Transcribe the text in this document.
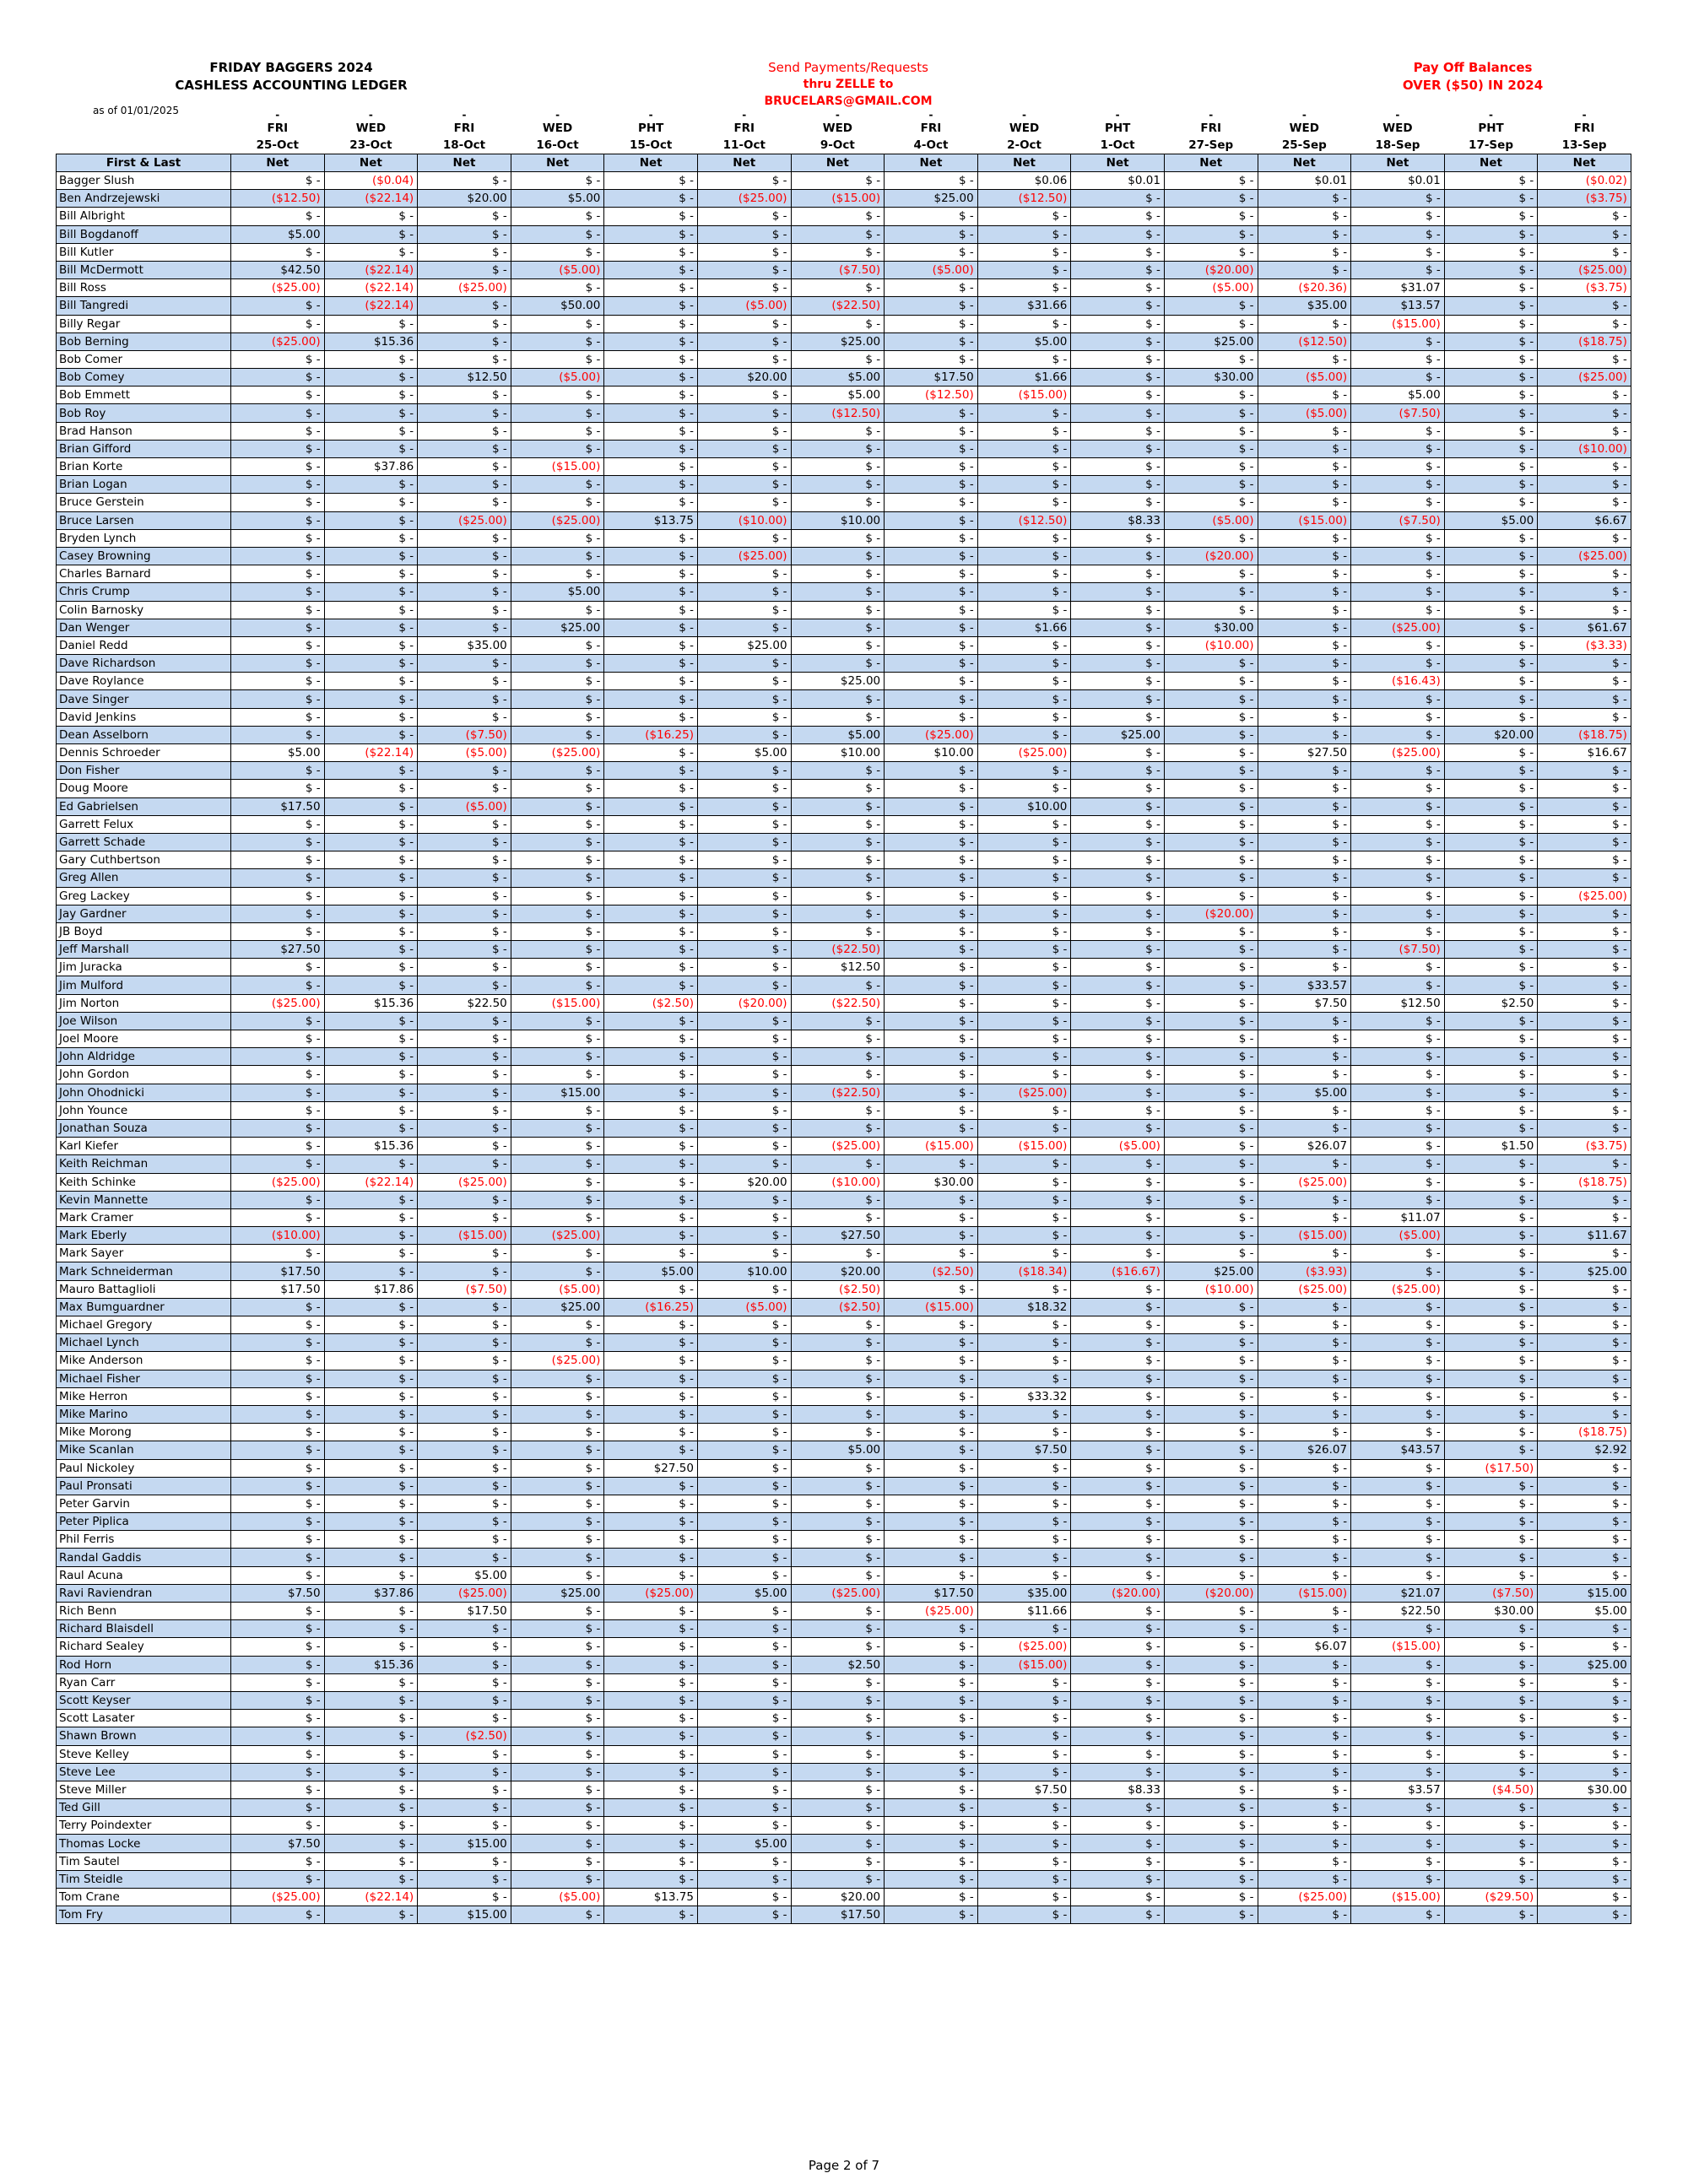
FRIDAY BAGGERS 2024
CASHLESS ACCOUNTING LEDGER
as of 01/01/2025
Send Payments/Requests
thru ZELLE to
BRUCELARS@GMAIL.COM
Pay Off Balances
OVER ($50) IN 2024
	-	-	-	-	-	-	-	-	-	-	-	-	-	-	-
	FRI	WED	FRI	WED	PHT	FRI	WED	FRI	WED	PHT	FRI	WED	WED	PHT	FRI
	25-Oct	23-Oct	18-Oct	16-Oct	15-Oct	11-Oct	9-Oct	4-Oct	2-Oct	1-Oct	27-Sep	25-Sep	18-Sep	17-Sep	13-Sep
First & Last	Net	Net	Net	Net	Net	Net	Net	Net	Net	Net	Net	Net	Net	Net	Net
Bagger Slush	$ -	($0.04)	$ -	$ -	$ -	$ -	$ -	$ -	$0.06	$0.01	$ -	$0.01	$0.01	$ -	($0.02)
Ben Andrzejewski	($12.50)	($22.14)	$20.00	$5.00	$ -	($25.00)	($15.00)	$25.00	($12.50)	$ -	$ -	$ -	$ -	$ -	($3.75)
Bill Albright	$ -	$ -	$ -	$ -	$ -	$ -	$ -	$ -	$ -	$ -	$ -	$ -	$ -	$ -	$ -
Bill Bogdanoff	$5.00	$ -	$ -	$ -	$ -	$ -	$ -	$ -	$ -	$ -	$ -	$ -	$ -	$ -	$ -
Bill Kutler	$ -	$ -	$ -	$ -	$ -	$ -	$ -	$ -	$ -	$ -	$ -	$ -	$ -	$ -	$ -
Bill McDermott	$42.50	($22.14)	$ -	($5.00)	$ -	$ -	($7.50)	($5.00)	$ -	$ -	($20.00)	$ -	$ -	$ -	($25.00)
Bill Ross	($25.00)	($22.14)	($25.00)	$ -	$ -	$ -	$ -	$ -	$ -	$ -	($5.00)	($20.36)	$31.07	$ -	($3.75)
Bill Tangredi	$ -	($22.14)	$ -	$50.00	$ -	($5.00)	($22.50)	$ -	$31.66	$ -	$ -	$35.00	$13.57	$ -	$ -
Billy Regar	$ -	$ -	$ -	$ -	$ -	$ -	$ -	$ -	$ -	$ -	$ -	$ -	($15.00)	$ -	$ -
Bob Berning	($25.00)	$15.36	$ -	$ -	$ -	$ -	$25.00	$ -	$5.00	$ -	$25.00	($12.50)	$ -	$ -	($18.75)
Bob Comer	$ -	$ -	$ -	$ -	$ -	$ -	$ -	$ -	$ -	$ -	$ -	$ -	$ -	$ -	$ -
Bob Comey	$ -	$ -	$12.50	($5.00)	$ -	$20.00	$5.00	$17.50	$1.66	$ -	$30.00	($5.00)	$ -	$ -	($25.00)
Bob Emmett	$ -	$ -	$ -	$ -	$ -	$ -	$5.00	($12.50)	($15.00)	$ -	$ -	$ -	$5.00	$ -	$ -
Bob Roy	$ -	$ -	$ -	$ -	$ -	$ -	($12.50)	$ -	$ -	$ -	$ -	($5.00)	($7.50)	$ -	$ -
Brad Hanson	$ -	$ -	$ -	$ -	$ -	$ -	$ -	$ -	$ -	$ -	$ -	$ -	$ -	$ -	$ -
Brian Gifford	$ -	$ -	$ -	$ -	$ -	$ -	$ -	$ -	$ -	$ -	$ -	$ -	$ -	$ -	($10.00)
Brian Korte	$ -	$37.86	$ -	($15.00)	$ -	$ -	$ -	$ -	$ -	$ -	$ -	$ -	$ -	$ -	$ -
Brian Logan	$ -	$ -	$ -	$ -	$ -	$ -	$ -	$ -	$ -	$ -	$ -	$ -	$ -	$ -	$ -
Bruce Gerstein	$ -	$ -	$ -	$ -	$ -	$ -	$ -	$ -	$ -	$ -	$ -	$ -	$ -	$ -	$ -
Bruce Larsen	$ -	$ -	($25.00)	($25.00)	$13.75	($10.00)	$10.00	$ -	($12.50)	$8.33	($5.00)	($15.00)	($7.50)	$5.00	$6.67
Bryden Lynch	$ -	$ -	$ -	$ -	$ -	$ -	$ -	$ -	$ -	$ -	$ -	$ -	$ -	$ -	$ -
Casey Browning	$ -	$ -	$ -	$ -	$ -	($25.00)	$ -	$ -	$ -	$ -	($20.00)	$ -	$ -	$ -	($25.00)
Charles Barnard	$ -	$ -	$ -	$ -	$ -	$ -	$ -	$ -	$ -	$ -	$ -	$ -	$ -	$ -	$ -
Chris Crump	$ -	$ -	$ -	$5.00	$ -	$ -	$ -	$ -	$ -	$ -	$ -	$ -	$ -	$ -	$ -
Colin Barnosky	$ -	$ -	$ -	$ -	$ -	$ -	$ -	$ -	$ -	$ -	$ -	$ -	$ -	$ -	$ -
Dan Wenger	$ -	$ -	$ -	$25.00	$ -	$ -	$ -	$ -	$1.66	$ -	$30.00	$ -	($25.00)	$ -	$61.67
Daniel Redd	$ -	$ -	$35.00	$ -	$ -	$25.00	$ -	$ -	$ -	$ -	($10.00)	$ -	$ -	$ -	($3.33)
Dave Richardson	$ -	$ -	$ -	$ -	$ -	$ -	$ -	$ -	$ -	$ -	$ -	$ -	$ -	$ -	$ -
Dave Roylance	$ -	$ -	$ -	$ -	$ -	$ -	$25.00	$ -	$ -	$ -	$ -	$ -	($16.43)	$ -	$ -
Dave Singer	$ -	$ -	$ -	$ -	$ -	$ -	$ -	$ -	$ -	$ -	$ -	$ -	$ -	$ -	$ -
David Jenkins	$ -	$ -	$ -	$ -	$ -	$ -	$ -	$ -	$ -	$ -	$ -	$ -	$ -	$ -	$ -
Dean Asselborn	$ -	$ -	($7.50)	$ -	($16.25)	$ -	$5.00	($25.00)	$ -	$25.00	$ -	$ -	$ -	$20.00	($18.75)
Dennis Schroeder	$5.00	($22.14)	($5.00)	($25.00)	$ -	$5.00	$10.00	$10.00	($25.00)	$ -	$ -	$27.50	($25.00)	$ -	$16.67
Don Fisher	$ -	$ -	$ -	$ -	$ -	$ -	$ -	$ -	$ -	$ -	$ -	$ -	$ -	$ -	$ -
Doug Moore	$ -	$ -	$ -	$ -	$ -	$ -	$ -	$ -	$ -	$ -	$ -	$ -	$ -	$ -	$ -
Ed Gabrielsen	$17.50	$ -	($5.00)	$ -	$ -	$ -	$ -	$ -	$10.00	$ -	$ -	$ -	$ -	$ -	$ -
Garrett Felux	$ -	$ -	$ -	$ -	$ -	$ -	$ -	$ -	$ -	$ -	$ -	$ -	$ -	$ -	$ -
Garrett Schade	$ -	$ -	$ -	$ -	$ -	$ -	$ -	$ -	$ -	$ -	$ -	$ -	$ -	$ -	$ -
Gary Cuthbertson	$ -	$ -	$ -	$ -	$ -	$ -	$ -	$ -	$ -	$ -	$ -	$ -	$ -	$ -	$ -
Greg Allen	$ -	$ -	$ -	$ -	$ -	$ -	$ -	$ -	$ -	$ -	$ -	$ -	$ -	$ -	$ -
Greg Lackey	$ -	$ -	$ -	$ -	$ -	$ -	$ -	$ -	$ -	$ -	$ -	$ -	$ -	$ -	($25.00)
Jay Gardner	$ -	$ -	$ -	$ -	$ -	$ -	$ -	$ -	$ -	$ -	($20.00)	$ -	$ -	$ -	$ -
JB Boyd	$ -	$ -	$ -	$ -	$ -	$ -	$ -	$ -	$ -	$ -	$ -	$ -	$ -	$ -	$ -
Jeff Marshall	$27.50	$ -	$ -	$ -	$ -	$ -	($22.50)	$ -	$ -	$ -	$ -	$ -	($7.50)	$ -	$ -
Jim Juracka	$ -	$ -	$ -	$ -	$ -	$ -	$12.50	$ -	$ -	$ -	$ -	$ -	$ -	$ -	$ -
Jim Mulford	$ -	$ -	$ -	$ -	$ -	$ -	$ -	$ -	$ -	$ -	$ -	$33.57	$ -	$ -	$ -
Jim Norton	($25.00)	$15.36	$22.50	($15.00)	($2.50)	($20.00)	($22.50)	$ -	$ -	$ -	$ -	$7.50	$12.50	$2.50	$ -
Joe Wilson	$ -	$ -	$ -	$ -	$ -	$ -	$ -	$ -	$ -	$ -	$ -	$ -	$ -	$ -	$ -
Joel Moore	$ -	$ -	$ -	$ -	$ -	$ -	$ -	$ -	$ -	$ -	$ -	$ -	$ -	$ -	$ -
John Aldridge	$ -	$ -	$ -	$ -	$ -	$ -	$ -	$ -	$ -	$ -	$ -	$ -	$ -	$ -	$ -
John Gordon	$ -	$ -	$ -	$ -	$ -	$ -	$ -	$ -	$ -	$ -	$ -	$ -	$ -	$ -	$ -
John Ohodnicki	$ -	$ -	$ -	$15.00	$ -	$ -	($22.50)	$ -	($25.00)	$ -	$ -	$5.00	$ -	$ -	$ -
John Younce	$ -	$ -	$ -	$ -	$ -	$ -	$ -	$ -	$ -	$ -	$ -	$ -	$ -	$ -	$ -
Jonathan Souza	$ -	$ -	$ -	$ -	$ -	$ -	$ -	$ -	$ -	$ -	$ -	$ -	$ -	$ -	$ -
Karl Kiefer	$ -	$15.36	$ -	$ -	$ -	$ -	($25.00)	($15.00)	($15.00)	($5.00)	$ -	$26.07	$ -	$1.50	($3.75)
Keith Reichman	$ -	$ -	$ -	$ -	$ -	$ -	$ -	$ -	$ -	$ -	$ -	$ -	$ -	$ -	$ -
Keith Schinke	($25.00)	($22.14)	($25.00)	$ -	$ -	$20.00	($10.00)	$30.00	$ -	$ -	$ -	($25.00)	$ -	$ -	($18.75)
Kevin Mannette	$ -	$ -	$ -	$ -	$ -	$ -	$ -	$ -	$ -	$ -	$ -	$ -	$ -	$ -	$ -
Mark Cramer	$ -	$ -	$ -	$ -	$ -	$ -	$ -	$ -	$ -	$ -	$ -	$ -	$11.07	$ -	$ -
Mark Eberly	($10.00)	$ -	($15.00)	($25.00)	$ -	$ -	$27.50	$ -	$ -	$ -	$ -	($15.00)	($5.00)	$ -	$11.67
Mark Sayer	$ -	$ -	$ -	$ -	$ -	$ -	$ -	$ -	$ -	$ -	$ -	$ -	$ -	$ -	$ -
Mark Schneiderman	$17.50	$ -	$ -	$ -	$5.00	$10.00	$20.00	($2.50)	($18.34)	($16.67)	$25.00	($3.93)	$ -	$ -	$25.00
Mauro Battaglioli	$17.50	$17.86	($7.50)	($5.00)	$ -	$ -	($2.50)	$ -	$ -	$ -	($10.00)	($25.00)	($25.00)	$ -	$ -
Max Bumguardner	$ -	$ -	$ -	$25.00	($16.25)	($5.00)	($2.50)	($15.00)	$18.32	$ -	$ -	$ -	$ -	$ -	$ -
Michael Gregory	$ -	$ -	$ -	$ -	$ -	$ -	$ -	$ -	$ -	$ -	$ -	$ -	$ -	$ -	$ -
Michael Lynch	$ -	$ -	$ -	$ -	$ -	$ -	$ -	$ -	$ -	$ -	$ -	$ -	$ -	$ -	$ -
Mike Anderson	$ -	$ -	$ -	($25.00)	$ -	$ -	$ -	$ -	$ -	$ -	$ -	$ -	$ -	$ -	$ -
Michael Fisher	$ -	$ -	$ -	$ -	$ -	$ -	$ -	$ -	$ -	$ -	$ -	$ -	$ -	$ -	$ -
Mike Herron	$ -	$ -	$ -	$ -	$ -	$ -	$ -	$ -	$33.32	$ -	$ -	$ -	$ -	$ -	$ -
Mike Marino	$ -	$ -	$ -	$ -	$ -	$ -	$ -	$ -	$ -	$ -	$ -	$ -	$ -	$ -	$ -
Mike Morong	$ -	$ -	$ -	$ -	$ -	$ -	$ -	$ -	$ -	$ -	$ -	$ -	$ -	$ -	($18.75)
Mike Scanlan	$ -	$ -	$ -	$ -	$ -	$ -	$5.00	$ -	$7.50	$ -	$ -	$26.07	$43.57	$ -	$2.92
Paul Nickoley	$ -	$ -	$ -	$ -	$27.50	$ -	$ -	$ -	$ -	$ -	$ -	$ -	$ -	($17.50)	$ -
Paul Pronsati	$ -	$ -	$ -	$ -	$ -	$ -	$ -	$ -	$ -	$ -	$ -	$ -	$ -	$ -	$ -
Peter Garvin	$ -	$ -	$ -	$ -	$ -	$ -	$ -	$ -	$ -	$ -	$ -	$ -	$ -	$ -	$ -
Peter Piplica	$ -	$ -	$ -	$ -	$ -	$ -	$ -	$ -	$ -	$ -	$ -	$ -	$ -	$ -	$ -
Phil Ferris	$ -	$ -	$ -	$ -	$ -	$ -	$ -	$ -	$ -	$ -	$ -	$ -	$ -	$ -	$ -
Randal Gaddis	$ -	$ -	$ -	$ -	$ -	$ -	$ -	$ -	$ -	$ -	$ -	$ -	$ -	$ -	$ -
Raul Acuna	$ -	$ -	$5.00	$ -	$ -	$ -	$ -	$ -	$ -	$ -	$ -	$ -	$ -	$ -	$ -
Ravi Raviendran	$7.50	$37.86	($25.00)	$25.00	($25.00)	$5.00	($25.00)	$17.50	$35.00	($20.00)	($20.00)	($15.00)	$21.07	($7.50)	$15.00
Rich Benn	$ -	$ -	$17.50	$ -	$ -	$ -	$ -	($25.00)	$11.66	$ -	$ -	$ -	$22.50	$30.00	$5.00
Richard Blaisdell	$ -	$ -	$ -	$ -	$ -	$ -	$ -	$ -	$ -	$ -	$ -	$ -	$ -	$ -	$ -
Richard Sealey	$ -	$ -	$ -	$ -	$ -	$ -	$ -	$ -	($25.00)	$ -	$ -	$6.07	($15.00)	$ -	$ -
Rod Horn	$ -	$15.36	$ -	$ -	$ -	$ -	$2.50	$ -	($15.00)	$ -	$ -	$ -	$ -	$ -	$25.00
Ryan Carr	$ -	$ -	$ -	$ -	$ -	$ -	$ -	$ -	$ -	$ -	$ -	$ -	$ -	$ -	$ -
Scott Keyser	$ -	$ -	$ -	$ -	$ -	$ -	$ -	$ -	$ -	$ -	$ -	$ -	$ -	$ -	$ -
Scott Lasater	$ -	$ -	$ -	$ -	$ -	$ -	$ -	$ -	$ -	$ -	$ -	$ -	$ -	$ -	$ -
Shawn Brown	$ -	$ -	($2.50)	$ -	$ -	$ -	$ -	$ -	$ -	$ -	$ -	$ -	$ -	$ -	$ -
Steve Kelley	$ -	$ -	$ -	$ -	$ -	$ -	$ -	$ -	$ -	$ -	$ -	$ -	$ -	$ -	$ -
Steve Lee	$ -	$ -	$ -	$ -	$ -	$ -	$ -	$ -	$ -	$ -	$ -	$ -	$ -	$ -	$ -
Steve Miller	$ -	$ -	$ -	$ -	$ -	$ -	$ -	$ -	$7.50	$8.33	$ -	$ -	$3.57	($4.50)	$30.00
Ted Gill	$ -	$ -	$ -	$ -	$ -	$ -	$ -	$ -	$ -	$ -	$ -	$ -	$ -	$ -	$ -
Terry Poindexter	$ -	$ -	$ -	$ -	$ -	$ -	$ -	$ -	$ -	$ -	$ -	$ -	$ -	$ -	$ -
Thomas Locke	$7.50	$ -	$15.00	$ -	$ -	$5.00	$ -	$ -	$ -	$ -	$ -	$ -	$ -	$ -	$ -
Tim Sautel	$ -	$ -	$ -	$ -	$ -	$ -	$ -	$ -	$ -	$ -	$ -	$ -	$ -	$ -	$ -
Tim Steidle	$ -	$ -	$ -	$ -	$ -	$ -	$ -	$ -	$ -	$ -	$ -	$ -	$ -	$ -	$ -
Tom Crane	($25.00)	($22.14)	$ -	($5.00)	$13.75	$ -	$20.00	$ -	$ -	$ -	$ -	($25.00)	($15.00)	($29.50)	$ -
Tom Fry	$ -	$ -	$15.00	$ -	$ -	$ -	$17.50	$ -	$ -	$ -	$ -	$ -	$ -	$ -	$ -
Page 2 of 7
